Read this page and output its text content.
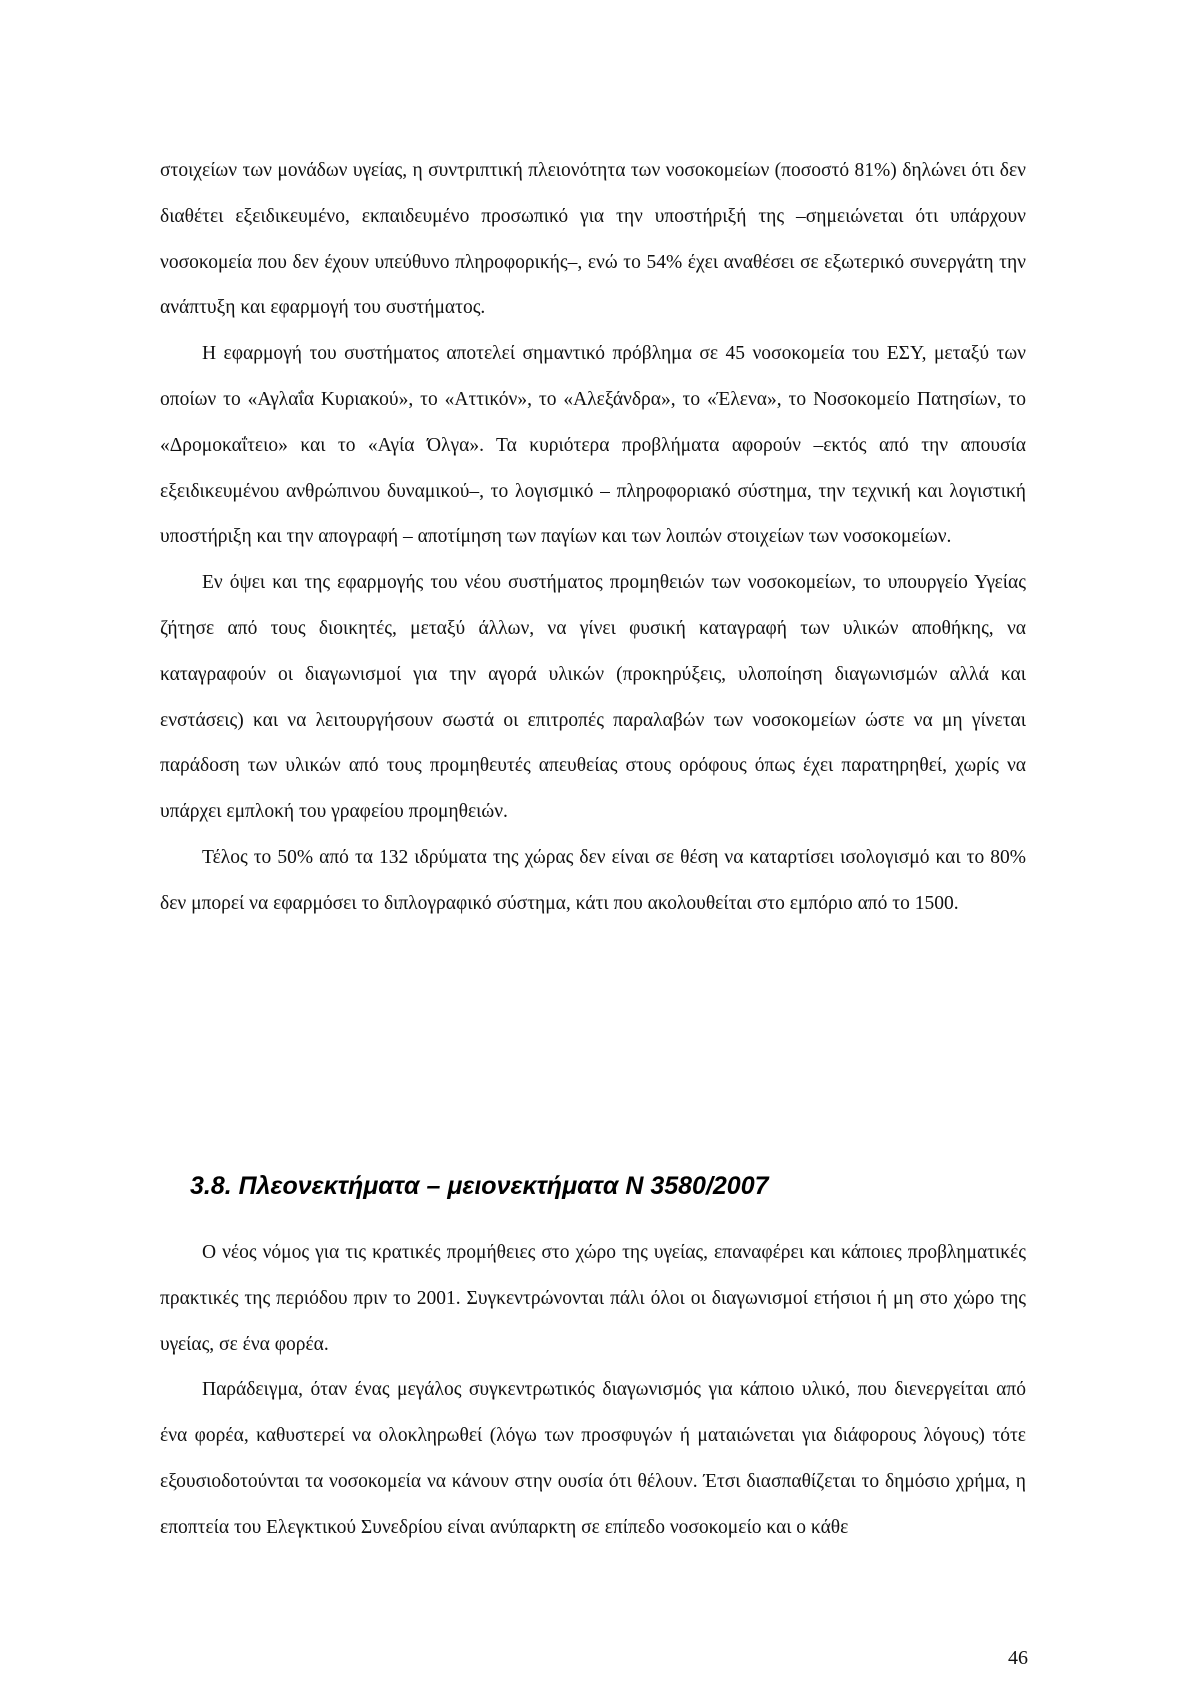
στοιχείων των μονάδων υγείας, η συντριπτική πλειονότητα των νοσοκομείων (ποσοστό 81%) δηλώνει ότι δεν διαθέτει εξειδικευμένο, εκπαιδευμένο προσωπικό για την υποστήριξή της –σημειώνεται ότι υπάρχουν νοσοκομεία που δεν έχουν υπεύθυνο πληροφορικής–, ενώ το 54% έχει αναθέσει σε εξωτερικό συνεργάτη την ανάπτυξη και εφαρμογή του συστήματος.

Η εφαρμογή του συστήματος αποτελεί σημαντικό πρόβλημα σε 45 νοσοκομεία του ΕΣΥ, μεταξύ των οποίων το «Αγλαΐα Κυριακού», το «Αττικόν», το «Αλεξάνδρα», το «Έλενα», το Νοσοκομείο Πατησίων, το «Δρομοκαΐτειο» και το «Αγία Όλγα». Τα κυριότερα προβλήματα αφορούν –εκτός από την απουσία εξειδικευμένου ανθρώπινου δυναμικού–, το λογισμικό – πληροφοριακό σύστημα, την τεχνική και λογιστική υποστήριξη και την απογραφή – αποτίμηση των παγίων και των λοιπών στοιχείων των νοσοκομείων.

Εν όψει και της εφαρμογής του νέου συστήματος προμηθειών των νοσοκομείων, το υπουργείο Υγείας ζήτησε από τους διοικητές, μεταξύ άλλων, να γίνει φυσική καταγραφή των υλικών αποθήκης, να καταγραφούν οι διαγωνισμοί για την αγορά υλικών (προκηρύξεις, υλοποίηση διαγωνισμών αλλά και ενστάσεις) και να λειτουργήσουν σωστά οι επιτροπές παραλαβών των νοσοκομείων ώστε να μη γίνεται παράδοση των υλικών από τους προμηθευτές απευθείας στους ορόφους όπως έχει παρατηρηθεί, χωρίς να υπάρχει εμπλοκή του γραφείου προμηθειών.

Τέλος το 50% από τα 132 ιδρύματα της χώρας δεν είναι σε θέση να καταρτίσει ισολογισμό και το 80% δεν μπορεί να εφαρμόσει το διπλογραφικό σύστημα, κάτι που ακολουθείται στο εμπόριο από το 1500.

3.8. Πλεονεκτήματα – μειονεκτήματα Ν 3580/2007

Ο νέος νόμος για τις κρατικές προμήθειες στο χώρο της υγείας, επαναφέρει και κάποιες προβληματικές πρακτικές της περιόδου πριν το 2001. Συγκεντρώνονται πάλι όλοι οι διαγωνισμοί ετήσιοι ή μη στο χώρο της υγείας, σε ένα φορέα.

Παράδειγμα, όταν ένας μεγάλος συγκεντρωτικός διαγωνισμός για κάποιο υλικό, που διενεργείται από ένα φορέα, καθυστερεί να ολοκληρωθεί (λόγω των προσφυγών ή ματαιώνεται για διάφορους λόγους) τότε εξουσιοδοτούνται τα νοσοκομεία να κάνουν στην ουσία ότι θέλουν. Έτσι διασπαθίζεται το δημόσιο χρήμα, η εποπτεία του Ελεγκτικού Συνεδρίου είναι ανύπαρκτη σε επίπεδο νοσοκομείο και ο κάθε

46
